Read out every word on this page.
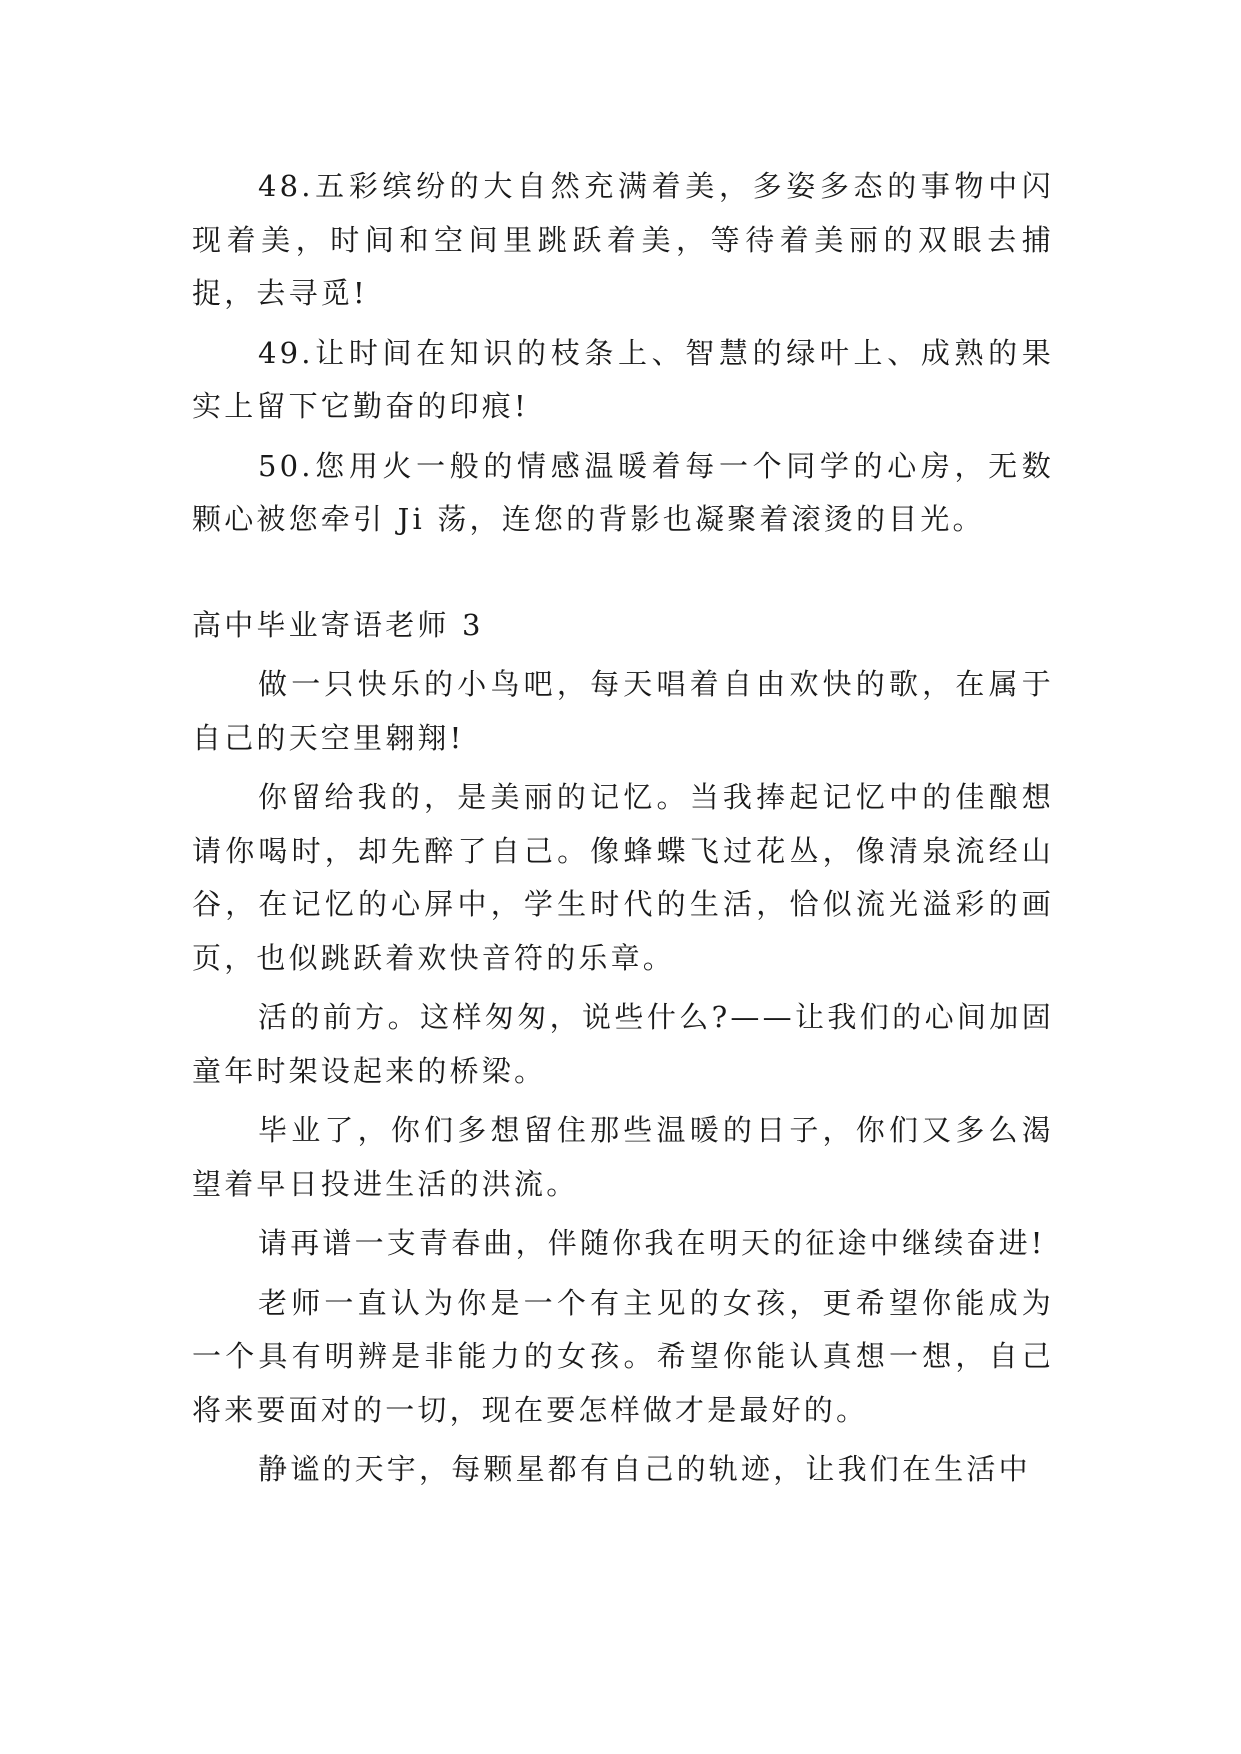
48.五彩缤纷的大自然充满着美，多姿多态的事物中闪现着美，时间和空间里跳跃着美，等待着美丽的双眼去捕捉，去寻觅!

49.让时间在知识的枝条上、智慧的绿叶上、成熟的果实上留下它勤奋的印痕!

50.您用火一般的情感温暖着每一个同学的心房，无数颗心被您牵引 Ji 荡，连您的背影也凝聚着滚烫的目光。

高中毕业寄语老师 3

做一只快乐的小鸟吧，每天唱着自由欢快的歌，在属于自己的天空里翱翔!

你留给我的，是美丽的记忆。当我捧起记忆中的佳酿想请你喝时，却先醉了自己。像蜂蝶飞过花丛，像清泉流经山谷，在记忆的心屏中，学生时代的生活，恰似流光溢彩的画页，也似跳跃着欢快音符的乐章。

活的前方。这样匆匆，说些什么?——让我们的心间加固童年时架设起来的桥梁。

毕业了，你们多想留住那些温暖的日子，你们又多么渴望着早日投进生活的洪流。

请再谱一支青春曲，伴随你我在明天的征途中继续奋进!

老师一直认为你是一个有主见的女孩，更希望你能成为一个具有明辨是非能力的女孩。希望你能认真想一想，自己将来要面对的一切，现在要怎样做才是最好的。

静谧的天宇，每颗星都有自己的轨迹，让我们在生活中
